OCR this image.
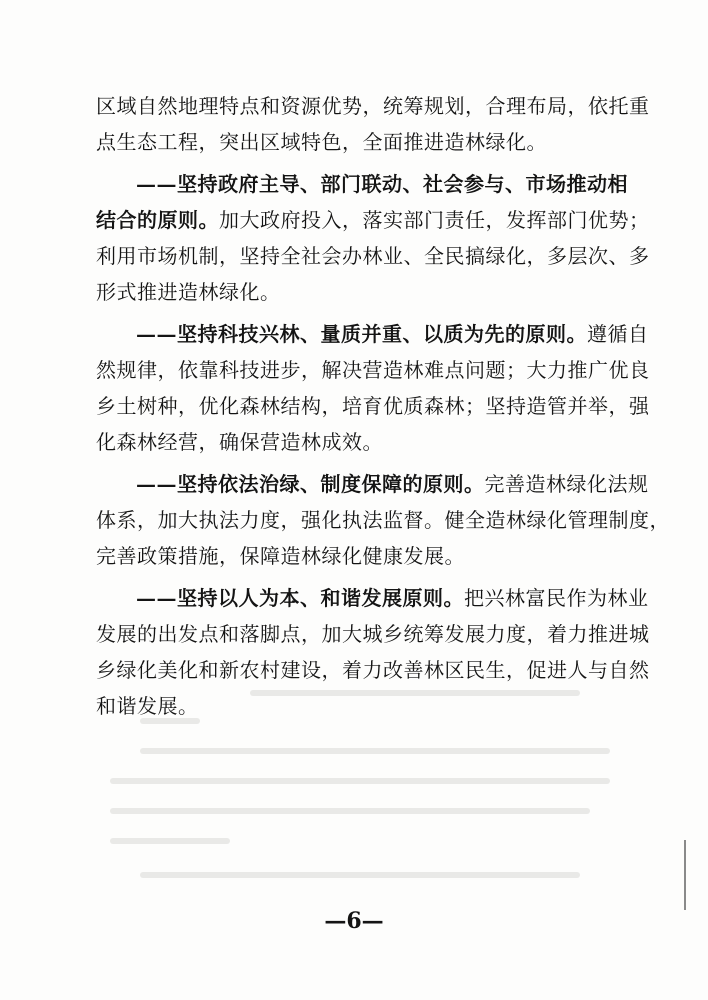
区域自然地理特点和资源优势，统筹规划，合理布局，依托重
点生态工程，突出区域特色，全面推进造林绿化。
——坚持政府主导、部门联动、社会参与、市场推动相
结合的原则。加大政府投入，落实部门责任，发挥部门优势；
利用市场机制，坚持全社会办林业、全民搞绿化，多层次、多
形式推进造林绿化。
——坚持科技兴林、量质并重、以质为先的原则。遵循自
然规律，依靠科技进步，解决营造林难点问题；大力推广优良
乡土树种，优化森林结构，培育优质森林；坚持造管并举，强
化森林经营，确保营造林成效。
——坚持依法治绿、制度保障的原则。完善造林绿化法规
体系，加大执法力度，强化执法监督。健全造林绿化管理制度，
完善政策措施，保障造林绿化健康发展。
——坚持以人为本、和谐发展原则。把兴林富民作为林业
发展的出发点和落脚点，加大城乡统筹发展力度，着力推进城
乡绿化美化和新农村建设，着力改善林区民生，促进人与自然
和谐发展。
—6—
